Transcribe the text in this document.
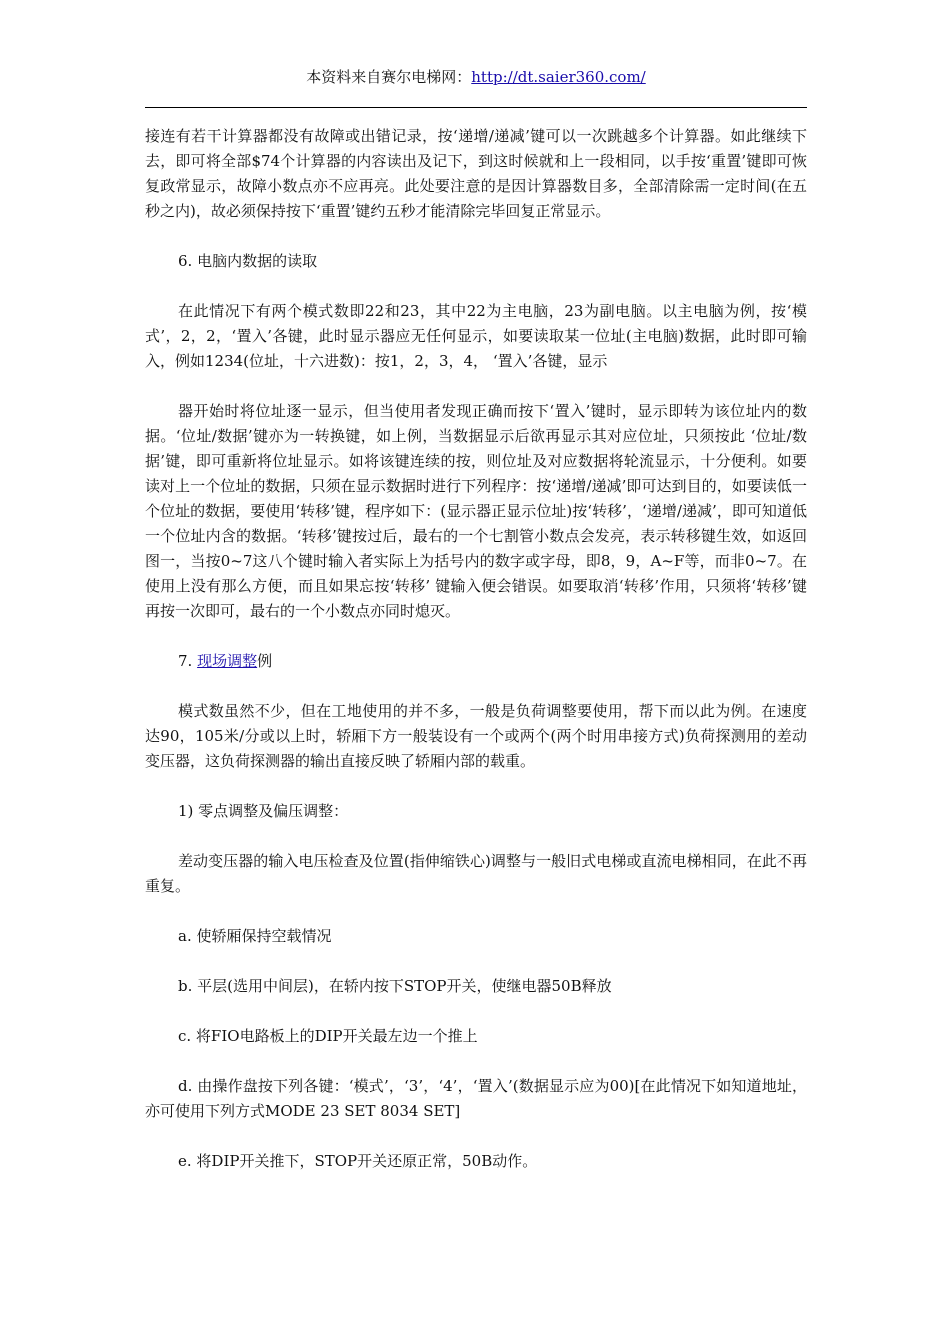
本资料来自赛尔电梯网：http://dt.saier360.com/

接连有若干计算器都没有故障或出错记录，按‘递增/递减’键可以一次跳越多个计算器。如此继续下去，即可将全部$74个计算器的内容读出及记下，到这时候就和上一段相同，以手按‘重置’键即可恢复政常显示，故障小数点亦不应再亮。此处要注意的是因计算器数目多，全部清除需一定时间(在五秒之内)，故必须保持按下‘重置’键约五秒才能清除完毕回复正常显示。

6. 电脑内数据的读取

在此情况下有两个模式数即22和23，其中22为主电脑，23为副电脑。以主电脑为例，按‘模式’，2，2，‘置入’各键，此时显示器应无任何显示，如要读取某一位址(主电脑)数据，此时即可输入，例如1234(位址，十六进数)：按1，2，3，4， ‘置入’各键，显示

器开始时将位址逐一显示，但当使用者发现正确而按下‘置入’键时，显示即转为该位址内的数据。‘位址/数据’键亦为一转换键，如上例，当数据显示后欲再显示其对应位址，只须按此 ‘位址/数据’键，即可重新将位址显示。如将该键连续的按，则位址及对应数据将轮流显示，十分便利。如要读对上一个位址的数据，只须在显示数据时进行下列程序：按‘递增/递减’即可达到目的，如要读低一个位址的数据，要使用‘转移’键，程序如下：(显示器正显示位址)按‘转移’，‘递增/递减’，即可知道低一个位址内含的数据。‘转移’键按过后，最右的一个七割管小数点会发亮，表示转移键生效，如返回图一，当按0~7这八个键时输入者实际上为括号内的数字或字母，即8，9，A~F等，而非0~7。在使用上没有那么方便，而且如果忘按‘转移’ 键输入便会错误。如要取消‘转移’作用，只须将‘转移’键再按一次即可，最右的一个小数点亦同时熄灭。

7. 现场调整例

模式数虽然不少，但在工地使用的并不多，一般是负荷调整要使用，帮下而以此为例。在速度达90，105米/分或以上时，轿厢下方一般装设有一个或两个(两个时用串接方式)负荷探测用的差动变压器，这负荷探测器的输出直接反映了轿厢内部的载重。

1) 零点调整及偏压调整：

差动变压器的输入电压检查及位置(指伸缩铁心)调整与一般旧式电梯或直流电梯相同，在此不再重复。

a. 使轿厢保持空载情况

b. 平层(选用中间层)，在轿内按下STOP开关，使继电器50B释放

c. 将FIO电路板上的DIP开关最左边一个推上

d. 由操作盘按下列各键：‘模式’，‘3’，‘4’，‘置入’(数据显示应为00)[在此情况下如知道地址，亦可使用下列方式MODE 23 SET 8034 SET]

e. 将DIP开关推下，STOP开关还原正常，50B动作。
